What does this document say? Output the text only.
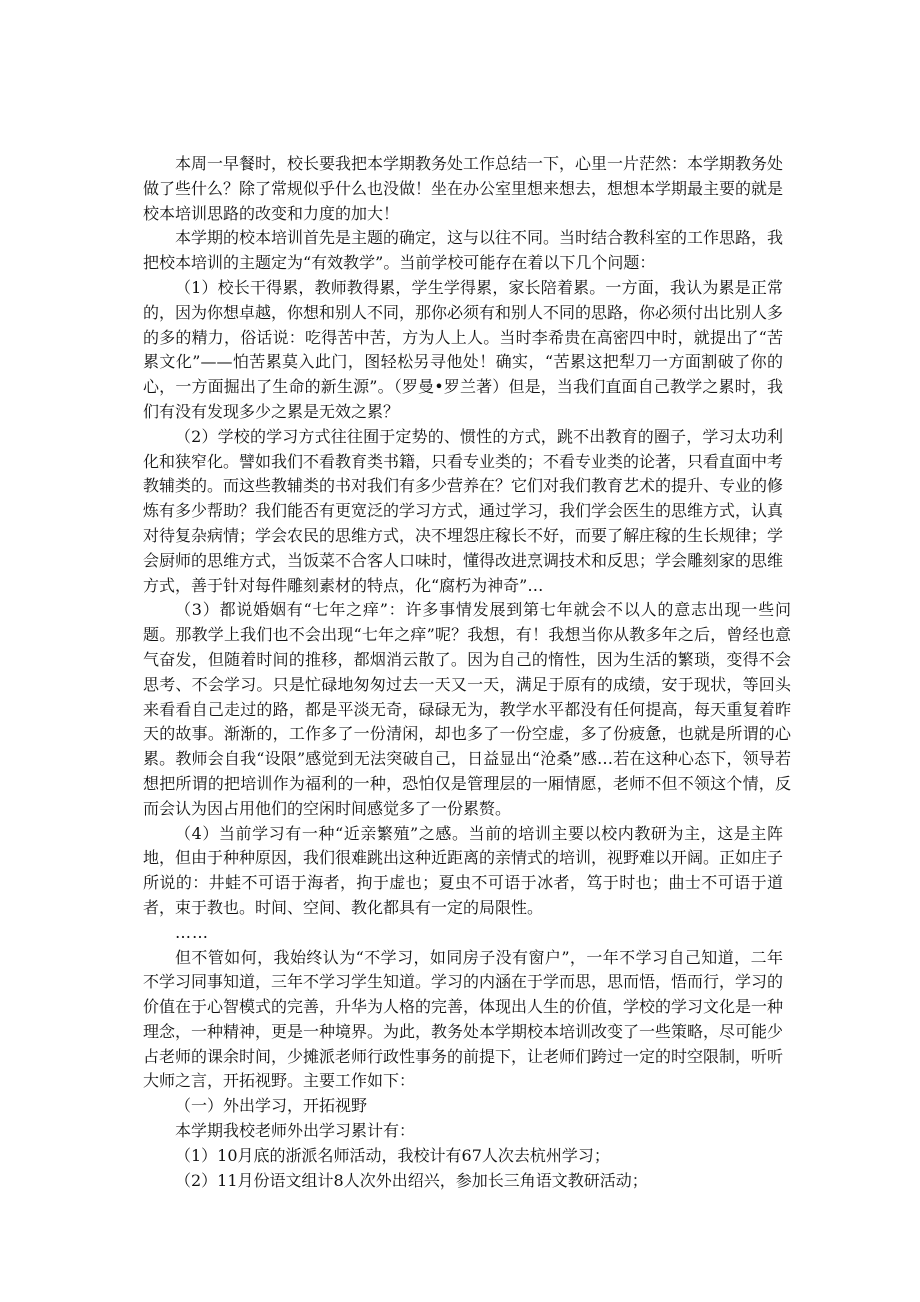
本周一早餐时，校长要我把本学期教务处工作总结一下，心里一片茫然：本学期教务处做了些什么？除了常规似乎什么也没做！坐在办公室里想来想去，想想本学期最主要的就是校本培训思路的改变和力度的加大！

本学期的校本培训首先是主题的确定，这与以往不同。当时结合教科室的工作思路，我把校本培训的主题定为“有效教学”。当前学校可能存在着以下几个问题：

（1）校长干得累，教师教得累，学生学得累，家长陪着累。一方面，我认为累是正常的，因为你想卓越，你想和别人不同，那你必须有和别人不同的思路，你必须付出比别人多的多的精力，俗话说：吃得苦中苦，方为人上人。当时李希贵在高密四中时，就提出了“苦累文化”——怕苦累莫入此门，图轻松另寻他处！确实，“苦累这把犁刀一方面割破了你的心，一方面掘出了生命的新生源”。（罗曼•罗兰著）但是，当我们直面自己教学之累时，我们有没有发现多少之累是无效之累？

（2）学校的学习方式往往囿于定势的、惯性的方式，跳不出教育的圈子，学习太功利化和狭窄化。譬如我们不看教育类书籍，只看专业类的；不看专业类的论著，只看直面中考教辅类的。而这些教辅类的书对我们有多少营养在？它们对我们教育艺术的提升、专业的修炼有多少帮助？我们能否有更宽泛的学习方式，通过学习，我们学会医生的思维方式，认真对待复杂病情；学会农民的思维方式，决不埋怨庄稼长不好，而要了解庄稼的生长规律；学会厨师的思维方式，当饭菜不合客人口味时，懂得改进烹调技术和反思；学会雕刻家的思维方式，善于针对每件雕刻素材的特点，化“腐朽为神奇”…

（3）都说婚姻有“七年之痒”：许多事情发展到第七年就会不以人的意志出现一些问题。那教学上我们也不会出现“七年之痒”呢？我想，有！我想当你从教多年之后，曾经也意气奋发，但随着时间的推移，都烟消云散了。因为自己的惰性，因为生活的繁琐，变得不会思考、不会学习。只是忙碌地匆匆过去一天又一天，满足于原有的成绩，安于现状，等回头来看看自己走过的路，都是平淡无奇，碌碌无为，教学水平都没有任何提高，每天重复着昨天的故事。渐渐的，工作多了一份清闲，却也多了一份空虚，多了份疲惫，也就是所谓的心累。教师会自我“设限”感觉到无法突破自己，日益显出“沧桑”感…若在这种心态下，领导若想把所谓的把培训作为福利的一种，恐怕仅是管理层的一厢情愿，老师不但不领这个情，反而会认为因占用他们的空闲时间感觉多了一份累赘。

（4）当前学习有一种“近亲繁殖”之感。当前的培训主要以校内教研为主，这是主阵地，但由于种种原因，我们很难跳出这种近距离的亲情式的培训，视野难以开阔。正如庄子所说的：井蛙不可语于海者，拘于虚也；夏虫不可语于冰者，笃于时也；曲士不可语于道者，束于教也。时间、空间、教化都具有一定的局限性。

……

但不管如何，我始终认为“不学习，如同房子没有窗户”，一年不学习自己知道，二年不学习同事知道，三年不学习学生知道。学习的内涵在于学而思，思而悟，悟而行，学习的价值在于心智模式的完善，升华为人格的完善，体现出人生的价值，学校的学习文化是一种理念，一种精神，更是一种境界。为此，教务处本学期校本培训改变了一些策略，尽可能少占老师的课余时间，少摊派老师行政性事务的前提下，让老师们跨过一定的时空限制，听听大师之言，开拓视野。主要工作如下：

（一）外出学习，开拓视野

本学期我校老师外出学习累计有：

（1）10月底的浙派名师活动，我校计有67人次去杭州学习；

（2）11月份语文组计8人次外出绍兴，参加长三角语文教研活动；
